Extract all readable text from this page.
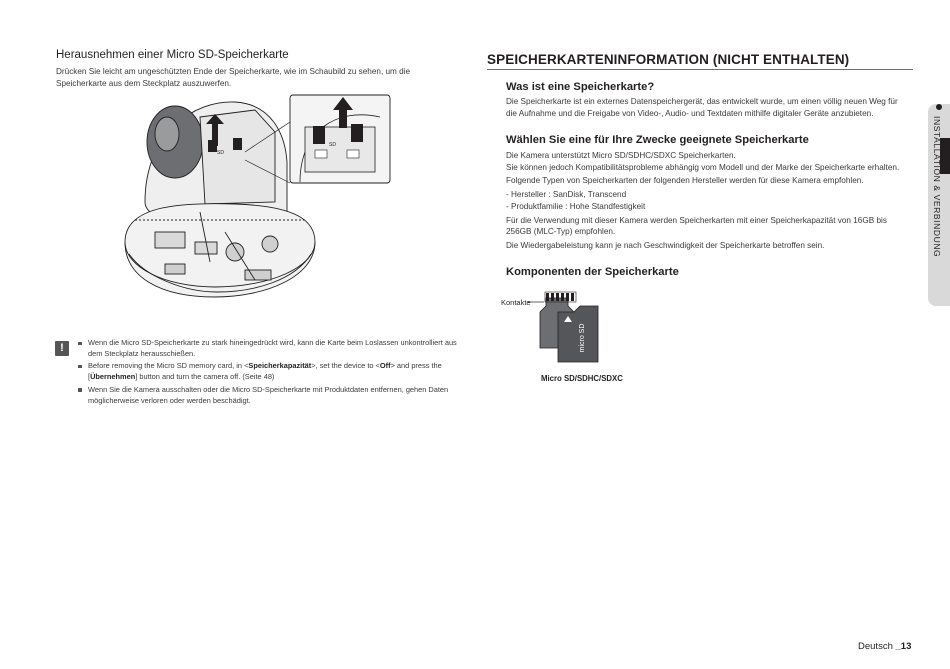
Herausnehmen einer Micro SD-Speicherkarte

Drücken Sie leicht am ungeschützten Ende der Speicherkarte, wie im Schaubild zu sehen, um die Speicherkarte aus dem Steckplatz auszuwerfen.

SD
SD
!	Wenn die Micro SD-Speicherkarte zu stark hineingedrückt wird, kann die Karte beim Loslassen unkontrolliert aus dem Steckplatz herausschießen.
Before removing the Micro SD memory card, in <Speicherkapazität>, set the device to <Off> and press the [Übernehmen] button and turn the camera off. (Seite 48)
Wenn Sie die Kamera ausschalten oder die Micro SD-Speicherkarte mit Produktdaten entfernen, gehen Daten möglicherweise verloren oder werden beschädigt.
SPEICHERKARTENINFORMATION (NICHT ENTHALTEN)
Was ist eine Speicherkarte?

Die Speicherkarte ist ein externes Datenspeichergerät, das entwickelt wurde, um einen völlig neuen Weg für die Aufnahme und die Freigabe von Video-, Audio- und Textdaten mithilfe digitaler Geräte anzubieten.

Wählen Sie eine für Ihre Zwecke geeignete Speicherkarte

Die Kamera unterstützt Micro SD/SDHC/SDXC Speicherkarten.

Sie können jedoch Kompatibilitätsprobleme abhängig vom Modell und der Marke der Speicherkarte erhalten.

Folgende Typen von Speicherkarten der folgenden Hersteller werden für diese Kamera empfohlen.

- Hersteller : SanDisk, Transcend
- Produktfamilie : Hohe Standfestigkeit

Für die Verwendung mit dieser Kamera werden Speicherkarten mit einer Speicherkapazität von 16GB bis 256GB (MLC-Typ) empfohlen.

Die Wiedergabeleistung kann je nach Geschwindigkeit der Speicherkarte betroffen sein.

Komponenten der Speicherkarte
Kontakte
micro SD
Micro SD/SDHC/SDXC
INSTALLATION & VERBINDUNG
Deutsch _13
